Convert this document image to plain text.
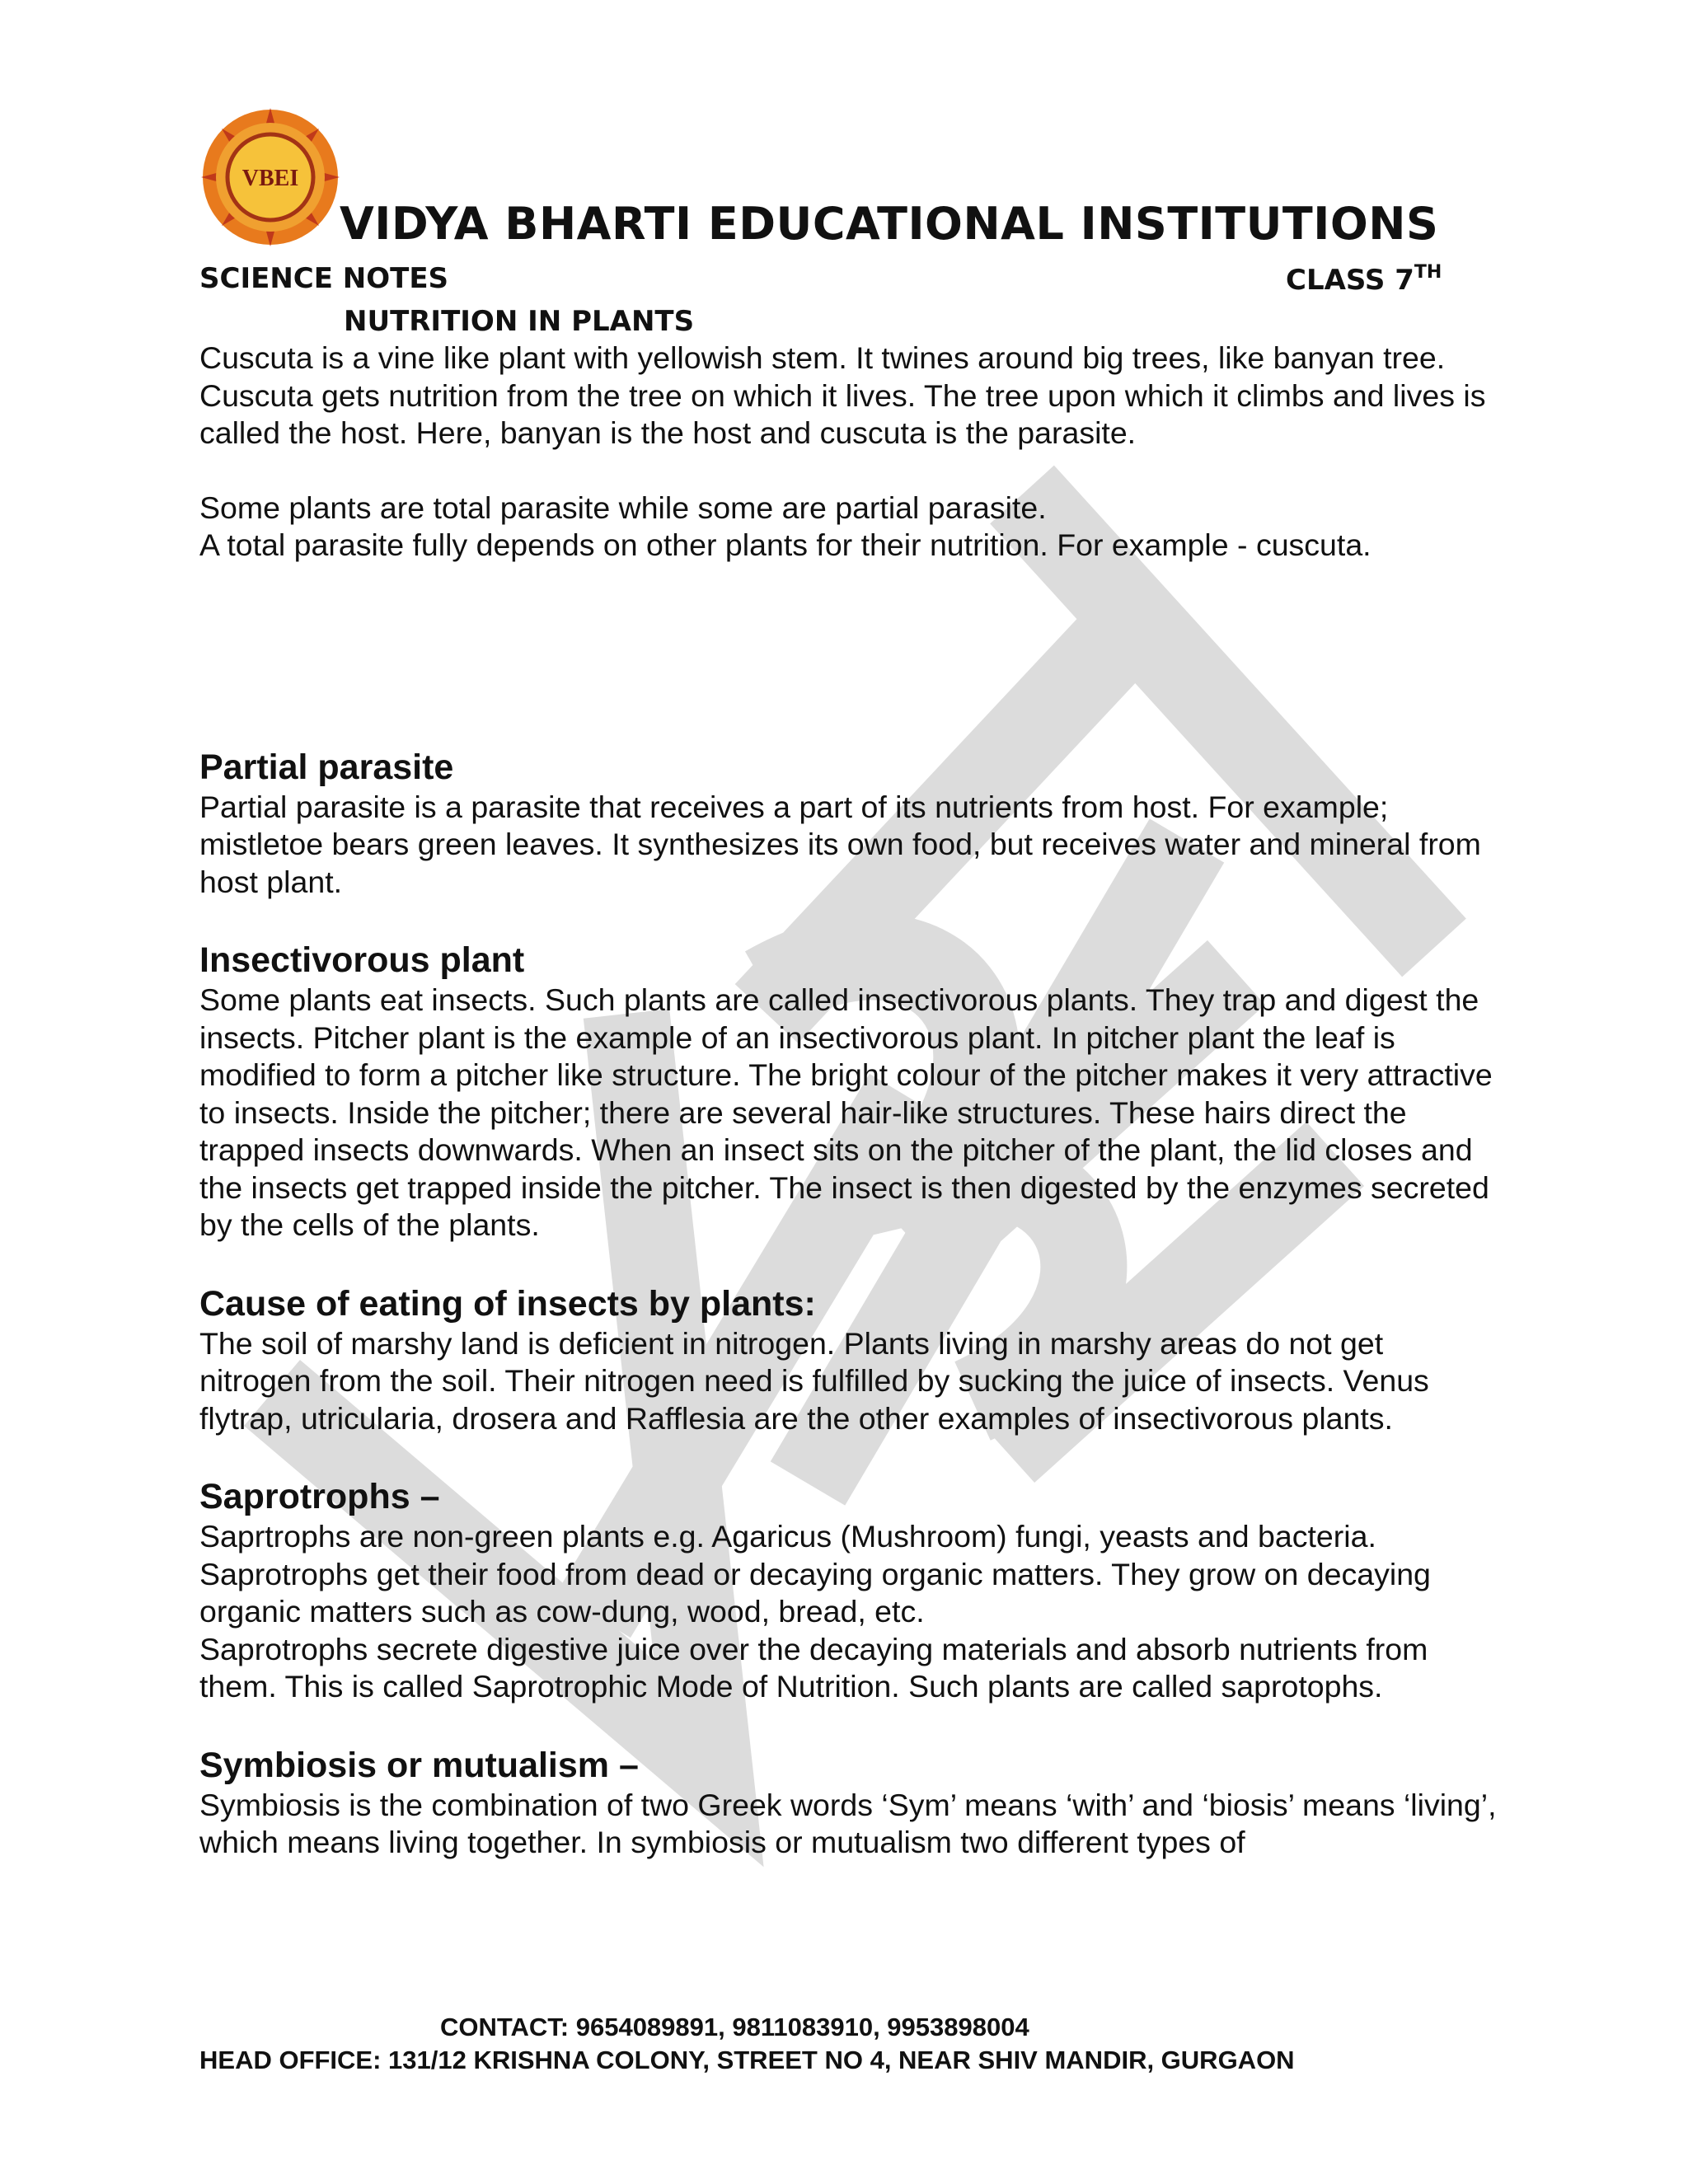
VBEI
VIDYA BHARTI EDUCATIONAL INSTITUTIONS
SCIENCE NOTES	CLASS 7TH
NUTRITION IN PLANTS

Cuscuta is a vine like plant with yellowish stem. It twines around big trees, like banyan tree. Cuscuta gets nutrition from the tree on which it lives. The tree upon which it climbs and lives is called the host. Here, banyan is the host and cuscuta is the parasite.

Some plants are total parasite while some are partial parasite.

A total parasite fully depends on other plants for their nutrition. For example - cuscuta.

Partial parasite

Partial parasite is a parasite that receives a part of its nutrients from host. For example; mistletoe bears green leaves. It synthesizes its own food, but receives water and mineral from host plant.

Insectivorous plant

Some plants eat insects. Such plants are called insectivorous plants. They trap and digest the insects. Pitcher plant is the example of an insectivorous plant. In pitcher plant the leaf is modified to form a pitcher like structure. The bright colour of the pitcher makes it very attractive to insects. Inside the pitcher; there are several hair-like structures. These hairs direct the trapped insects downwards. When an insect sits on the pitcher of the plant, the lid closes and the insects get trapped inside the pitcher. The insect is then digested by the enzymes secreted by the cells of the plants.

Cause of eating of insects by plants:

The soil of marshy land is deficient in nitrogen. Plants living in marshy areas do not get nitrogen from the soil. Their nitrogen need is fulfilled by sucking the juice of insects. Venus flytrap, utricularia, drosera and Rafflesia are the other examples of insectivorous plants.

Saprotrophs –

Saprtrophs are non-green plants e.g. Agaricus (Mushroom) fungi, yeasts and bacteria. Saprotrophs get their food from dead or decaying organic matters. They grow on decaying organic matters such as cow-dung, wood, bread, etc.

Saprotrophs secrete digestive juice over the decaying materials and absorb nutrients from them. This is called Saprotrophic Mode of Nutrition. Such plants are called saprotophs.

Symbiosis or mutualism –

Symbiosis is the combination of two Greek words ‘Sym’ means ‘with’ and ‘biosis’ means ‘living’, which means living together. In symbiosis or mutualism two different types of

CONTACT: 9654089891, 9811083910, 9953898004
HEAD OFFICE: 131/12 KRISHNA COLONY, STREET NO 4, NEAR SHIV MANDIR, GURGAON
